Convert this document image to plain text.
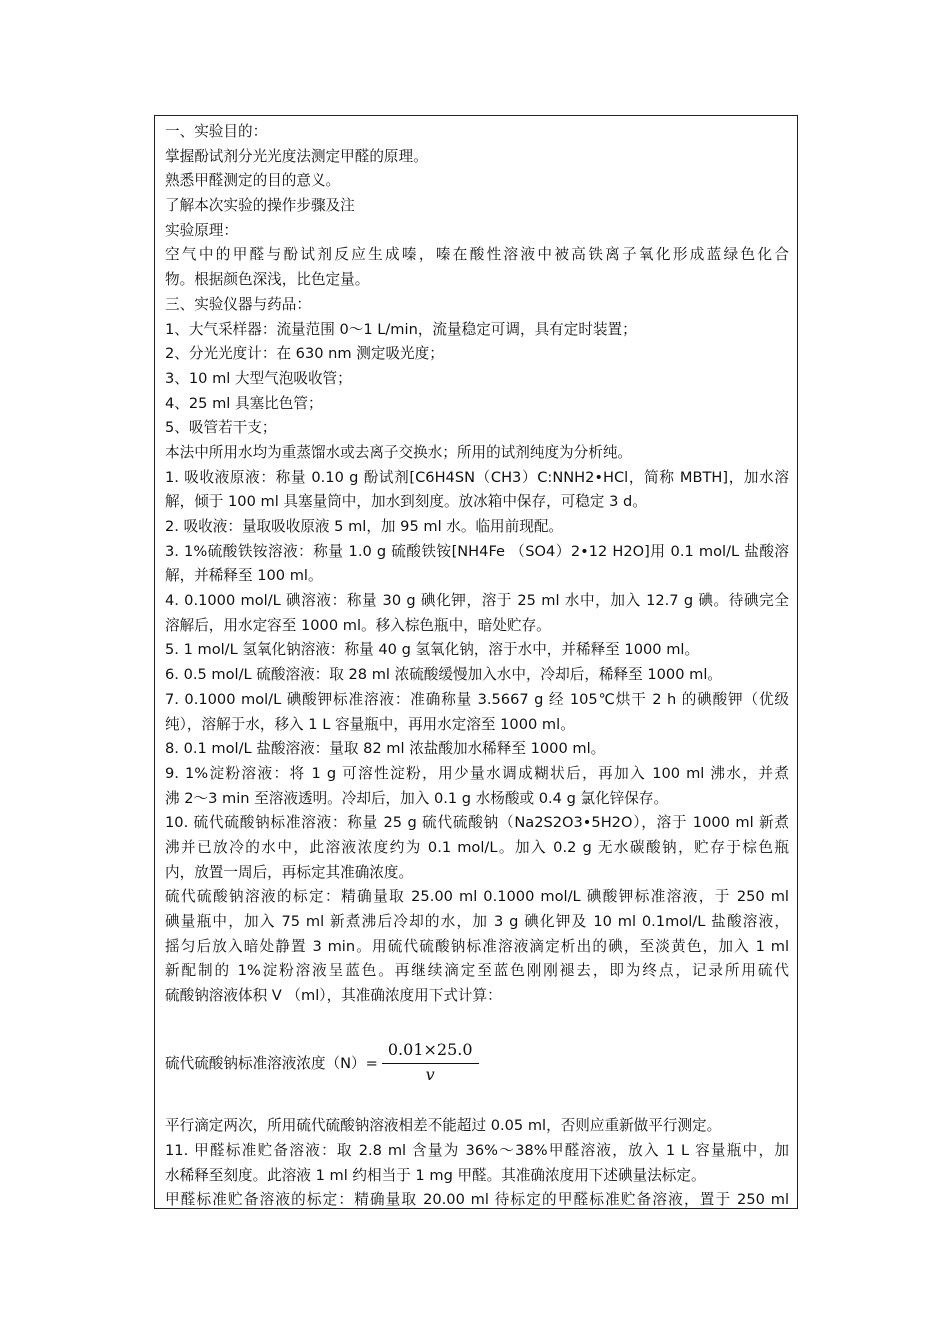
一、实验目的：
掌握酚试剂分光光度法测定甲醛的原理。
熟悉甲醛测定的目的意义。
了解本次实验的操作步骤及注
实验原理：
空气中的甲醛与酚试剂反应生成嗪，嗪在酸性溶液中被高铁离子氧化形成蓝绿色化合
物。根据颜色深浅，比色定量。
三、实验仪器与药品：
1、大气采样器：流量范围 0～1 L/min，流量稳定可调，具有定时装置；
2、分光光度计：在 630 nm 测定吸光度；
3、10 ml 大型气泡吸收管；
4、25 ml 具塞比色管；
5、吸管若干支；
本法中所用水均为重蒸馏水或去离子交换水；所用的试剂纯度为分析纯。
1. 吸收液原液：称量 0.10 g 酚试剂[C6H4SN（CH3）C:NNH2•HCl，简称 MBTH]，加水溶
解，倾于 100 ml 具塞量筒中，加水到刻度。放冰箱中保存，可稳定 3 d。
2. 吸收液：量取吸收原液 5 ml，加 95 ml 水。临用前现配。
3. 1%硫酸铁铵溶液：称量 1.0 g 硫酸铁铵[NH4Fe （SO4）2•12 H2O]用 0.1 mol/L 盐酸溶
解，并稀释至 100 ml。
4. 0.1000 mol/L 碘溶液：称量 30 g 碘化钾，溶于 25 ml 水中，加入 12.7 g 碘。待碘完全
溶解后，用水定容至 1000 ml。移入棕色瓶中，暗处贮存。
5. 1 mol/L 氢氧化钠溶液：称量 40 g 氢氧化钠，溶于水中，并稀释至 1000 ml。
6. 0.5 mol/L 硫酸溶液：取 28 ml 浓硫酸缓慢加入水中，冷却后，稀释至 1000 ml。
7. 0.1000 mol/L 碘酸钾标准溶液：准确称量 3.5667 g 经 105℃烘干 2 h 的碘酸钾（优级
纯），溶解于水，移入 1 L 容量瓶中，再用水定溶至 1000 ml。
8. 0.1 mol/L 盐酸溶液：量取 82 ml 浓盐酸加水稀释至 1000 ml。
9. 1%淀粉溶液：将 1 g 可溶性淀粉，用少量水调成糊状后，再加入 100 ml 沸水，并煮
沸 2～3 min 至溶液透明。冷却后，加入 0.1 g 水杨酸或 0.4 g 氯化锌保存。
10. 硫代硫酸钠标准溶液：称量 25 g 硫代硫酸钠（Na2S2O3•5H2O），溶于 1000 ml 新煮
沸并已放冷的水中，此溶液浓度约为 0.1 mol/L。加入 0.2 g 无水碳酸钠，贮存于棕色瓶
内，放置一周后，再标定其准确浓度。
硫代硫酸钠溶液的标定：精确量取 25.00 ml 0.1000 mol/L 碘酸钾标准溶液，于 250 ml
碘量瓶中，加入 75 ml 新煮沸后冷却的水，加 3 g 碘化钾及 10 ml 0.1mol/L 盐酸溶液，
摇匀后放入暗处静置 3 min。用硫代硫酸钠标准溶液滴定析出的碘，至淡黄色，加入 1 ml
新配制的 1%淀粉溶液呈蓝色。再继续滴定至蓝色刚刚褪去，即为终点，记录所用硫代
硫酸钠溶液体积 V （ml），其准确浓度用下式计算：
硫代硫酸钠标准溶液浓度$(N)= \frac{0.01\times 25.0}{v}$
平行滴定两次，所用硫代硫酸钠溶液相差不能超过 0.05 ml，否则应重新做平行测定。
11. 甲醛标准贮备溶液：取 2.8 ml 含量为 36%～38%甲醛溶液，放入 1 L 容量瓶中，加
水稀释至刻度。此溶液 1 ml 约相当于 1 mg 甲醛。其准确浓度用下述碘量法标定。
甲醛标准贮备溶液的标定：精确量取 20.00 ml 待标定的甲醛标准贮备溶液，置于 250 ml
